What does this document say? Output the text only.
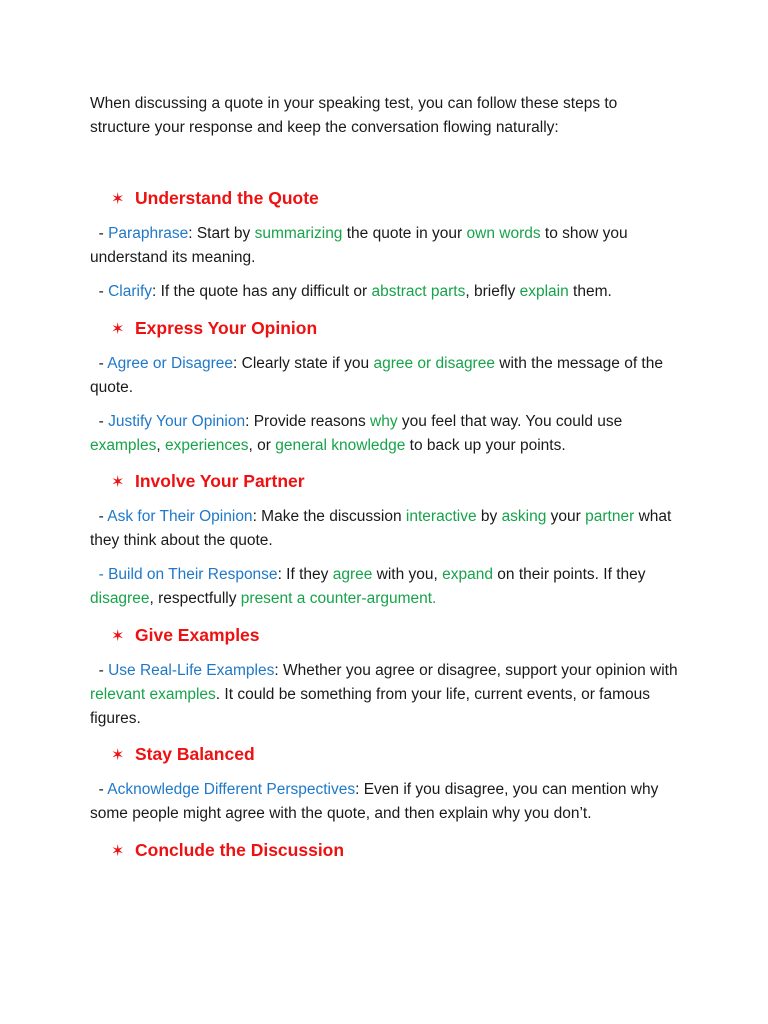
When discussing a quote in your speaking test, you can follow these steps to structure your response and keep the conversation flowing naturally:

✶ Understand the Quote

- Paraphrase: Start by summarizing the quote in your own words to show you understand its meaning.

- Clarify: If the quote has any difficult or abstract parts, briefly explain them.

✶ Express Your Opinion

- Agree or Disagree: Clearly state if you agree or disagree with the message of the quote.

- Justify Your Opinion: Provide reasons why you feel that way. You could use examples, experiences, or general knowledge to back up your points.

✶ Involve Your Partner

- Ask for Their Opinion: Make the discussion interactive by asking your partner what they think about the quote.

- Build on Their Response: If they agree with you, expand on their points. If they disagree, respectfully present a counter-argument.

✶ Give Examples

- Use Real-Life Examples: Whether you agree or disagree, support your opinion with relevant examples. It could be something from your life, current events, or famous figures.

✶ Stay Balanced

- Acknowledge Different Perspectives: Even if you disagree, you can mention why some people might agree with the quote, and then explain why you don’t.

✶ Conclude the Discussion
